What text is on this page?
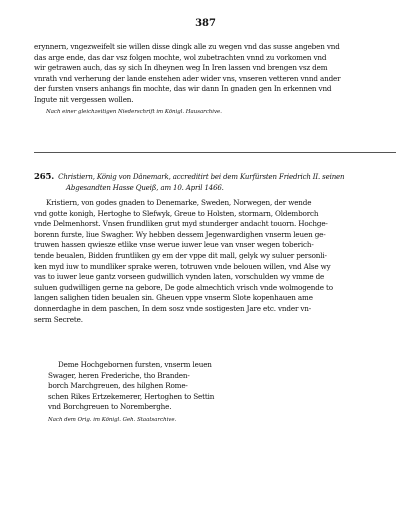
387
erynnern, vngezweifelt sie willen disse dingk alle zu wegen vnd das susse angeben vnd
das arge ende, das dar vsz folgen mochte, wol zubetrachten vnnd zu vorkomen vnd
wir getrawen auch, das sy sich In dheynen weg In Iren lassen vnd brengen vsz dem
vnrath vnd verherung der lande enstehen ader wider vns, vnseren vetteren vnnd ander
der fursten vnsers anhangs fin mochte, das wir dann In gnaden gen In erkennen vnd
Ingute nit vergessen wollen.
Nach einer gleichzeitigen Niederschrift im Königl. Hausarchive.
265. Christiern, König von Dänemark, accreditirt bei dem Kurfürsten Friedrich II. seinen
Abgesandten Hasse Queiß, am 10. April 1466.
Kristiern, von godes gnaden to Denemarke, Sweden, Norwegen, der wende
vnd gotte konigh, Hertoghe to Slefwyk, Greue to Holsten, stormarn, Oldemborch
vnde Delmenhorst. Vnsen frundliken grut myd stunderger andacht touorn. Hochge-
borenn furste, liue Swagher. Wy hebben dessem Jegenwardighen vnserm leuen ge-
truwen hassen qwiesze etlike vnse werue iuwer leue van vnser wegen toberich-
tende beualen, Bidden fruntliken gy em der vppe dit mall, gelyk wy suluer personli-
ken myd iuw to mundliker sprake weren, totruwen vnde belouen willen, vnd Alse wy
vas to iuwer leue gantz vorseen gudwillich vynden laten, vorschulden wy vmme de
suluen gudwilligen gerne na gebore, De gode almechtich vrisch vnde wolmogende to
langen salighen tiden beualen sin. Gheuen vppe vnserm Slote kopenhauen ame
donnerdaghe in dem paschen, In dem sosz vnde sostigesten Jare etc. vnder vn-
serm Secrete.
Deme Hochgebornen fursten, vnserm leuen
Swager, heren Frederiche, tho Branden-
borch Marchgreuen, des hilghen Rome-
schen Rikes Ertzekemerer, Hertoghen to Settin
vnd Borchgreuen to Noremberghe.
Nach dem Orig. im Königl. Geh. Staatsarchive.
